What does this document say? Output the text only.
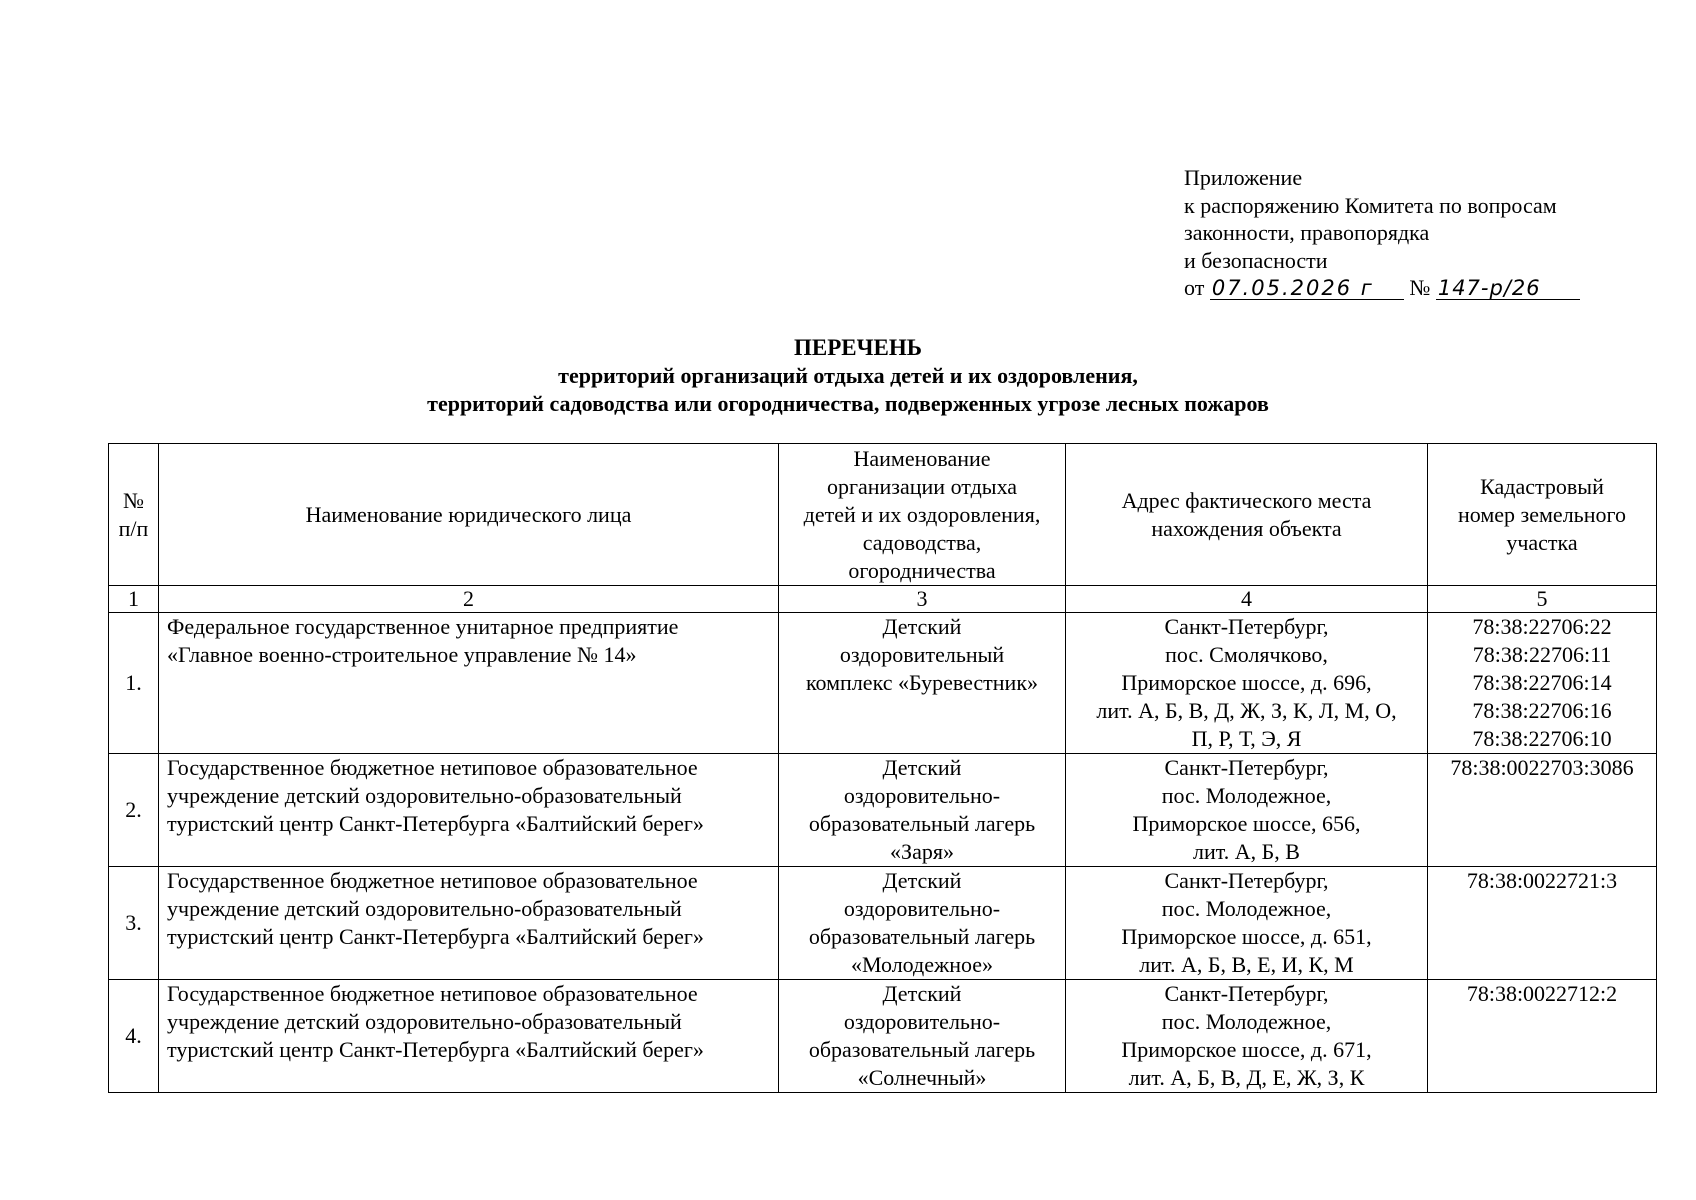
Приложение
к распоряжению Комитета по вопросам
законности, правопорядка
и безопасности
от 07.05.2026 г № 147-р/26
ПЕРЕЧЕНЬ
территорий организаций отдыха детей и их оздоровления,
территорий садоводства или огородничества, подверженных угрозе лесных пожаров
№
п/п	Наименование юридического лица	Наименование
организации отдыха
детей и их оздоровления,
садоводства,
огородничества	Адрес фактического места
нахождения объекта	Кадастровый
номер земельного
участка
1	2	3	4	5
1.	Федеральное государственное унитарное предприятие
«Главное военно-строительное управление № 14»	Детский
оздоровительный
комплекс «Буревестник»	Санкт-Петербург,
пос. Смолячково,
Приморское шоссе, д. 696,
лит. А, Б, В, Д, Ж, З, К, Л, М, О,
П, Р, Т, Э, Я	78:38:22706:22
78:38:22706:11
78:38:22706:14
78:38:22706:16
78:38:22706:10
2.	Государственное бюджетное нетиповое образовательное
учреждение детский оздоровительно-образовательный
туристский центр Санкт-Петербурга «Балтийский берег»	Детский
оздоровительно-
образовательный лагерь
«Заря»	Санкт-Петербург,
пос. Молодежное,
Приморское шоссе, 656,
лит. А, Б, В	78:38:0022703:3086
3.	Государственное бюджетное нетиповое образовательное
учреждение детский оздоровительно-образовательный
туристский центр Санкт-Петербурга «Балтийский берег»	Детский
оздоровительно-
образовательный лагерь
«Молодежное»	Санкт-Петербург,
пос. Молодежное,
Приморское шоссе, д. 651,
лит. А, Б, В, Е, И, К, М	78:38:0022721:3
4.	Государственное бюджетное нетиповое образовательное
учреждение детский оздоровительно-образовательный
туристский центр Санкт-Петербурга «Балтийский берег»	Детский
оздоровительно-
образовательный лагерь
«Солнечный»	Санкт-Петербург,
пос. Молодежное,
Приморское шоссе, д. 671,
лит. А, Б, В, Д, Е, Ж, З, К	78:38:0022712:2
